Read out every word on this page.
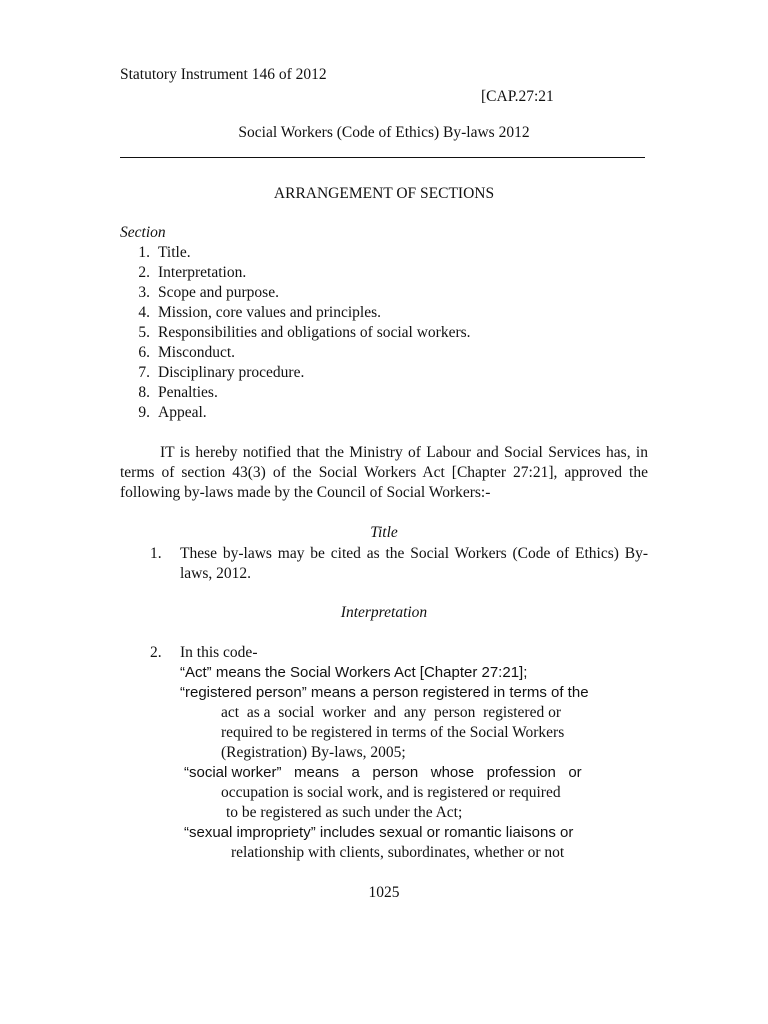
Statutory Instrument 146 of 2012
[CAP.27:21
Social Workers (Code of Ethics) By-laws 2012
ARRANGEMENT OF SECTIONS
Section
1. Title.
2. Interpretation.
3. Scope and purpose.
4. Mission, core values and principles.
5. Responsibilities and obligations of social workers.
6. Misconduct.
7. Disciplinary procedure.
8. Penalties.
9. Appeal.

IT is hereby notified that the Ministry of Labour and Social Services has, in terms of section 43(3) of the Social Workers Act [Chapter 27:21], approved the following by-laws made by the Council of Social Workers:-

Title
1. These by-laws may be cited as the Social Workers (Code of Ethics) By-laws, 2012.
Interpretation
2. In this code-
“Act” means the Social Workers Act [Chapter 27:21];
“registered person” means a person registered in terms of the
act  as a  social  worker  and  any  person  registered or
required to be registered in terms of the Social Workers
(Registration) By-laws, 2005;
“social worker”   means   a   person   whose   profession   or
occupation is social work, and is registered or required
to be registered as such under the Act;
“sexual impropriety” includes sexual or romantic liaisons or
relationship with clients, subordinates, whether or not
1025
